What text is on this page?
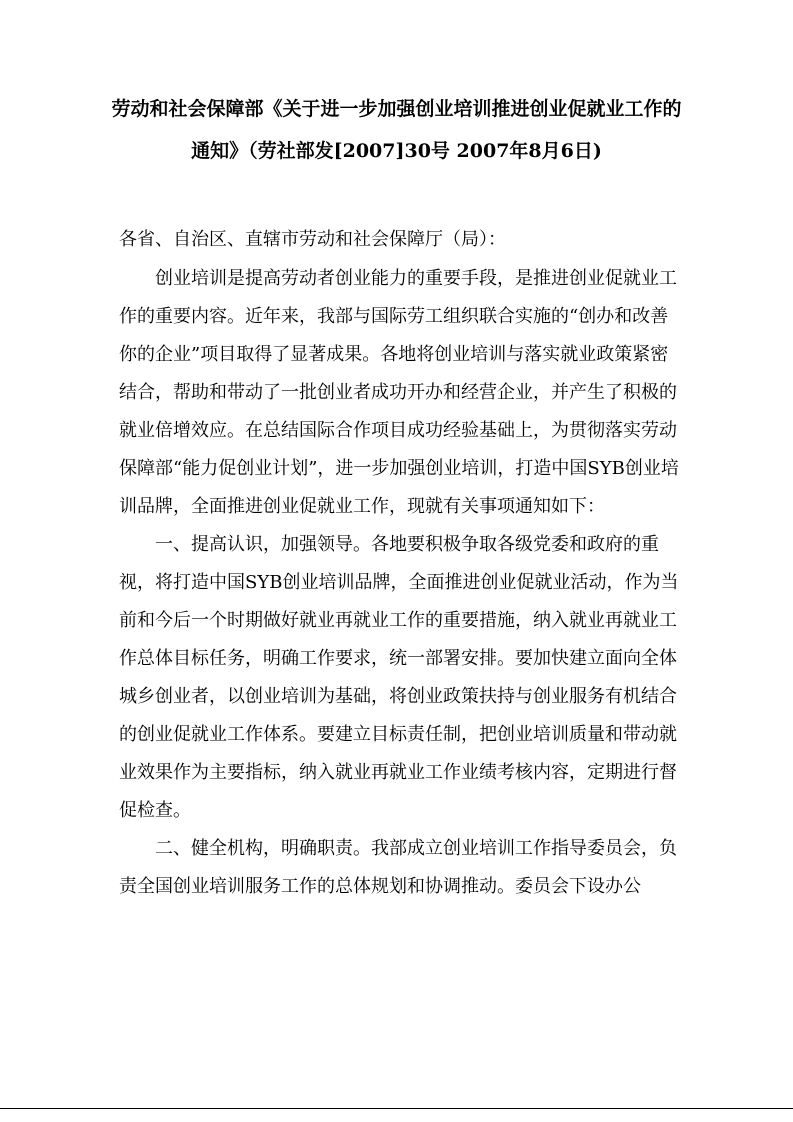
劳动和社会保障部《关于进一步加强创业培训推进创业促就业工作的
通知》（劳社部发[2007]30号 2007年8月6日)
各省、自治区、直辖市劳动和社会保障厅（局）：

创业培训是提高劳动者创业能力的重要手段，是推进创业促就业工作的重要内容。近年来，我部与国际劳工组织联合实施的“创办和改善你的企业”项目取得了显著成果。各地将创业培训与落实就业政策紧密结合，帮助和带动了一批创业者成功开办和经营企业，并产生了积极的就业倍增效应。在总结国际合作项目成功经验基础上，为贯彻落实劳动保障部“能力促创业计划”，进一步加强创业培训，打造中国SYB创业培训品牌，全面推进创业促就业工作，现就有关事项通知如下：

一、提高认识，加强领导。各地要积极争取各级党委和政府的重视，将打造中国SYB创业培训品牌，全面推进创业促就业活动，作为当前和今后一个时期做好就业再就业工作的重要措施，纳入就业再就业工作总体目标任务，明确工作要求，统一部署安排。要加快建立面向全体城乡创业者，以创业培训为基础，将创业政策扶持与创业服务有机结合的创业促就业工作体系。要建立目标责任制，把创业培训质量和带动就业效果作为主要指标，纳入就业再就业工作业绩考核内容，定期进行督促检查。

二、健全机构，明确职责。我部成立创业培训工作指导委员会，负责全国创业培训服务工作的总体规划和协调推动。委员会下设办公
